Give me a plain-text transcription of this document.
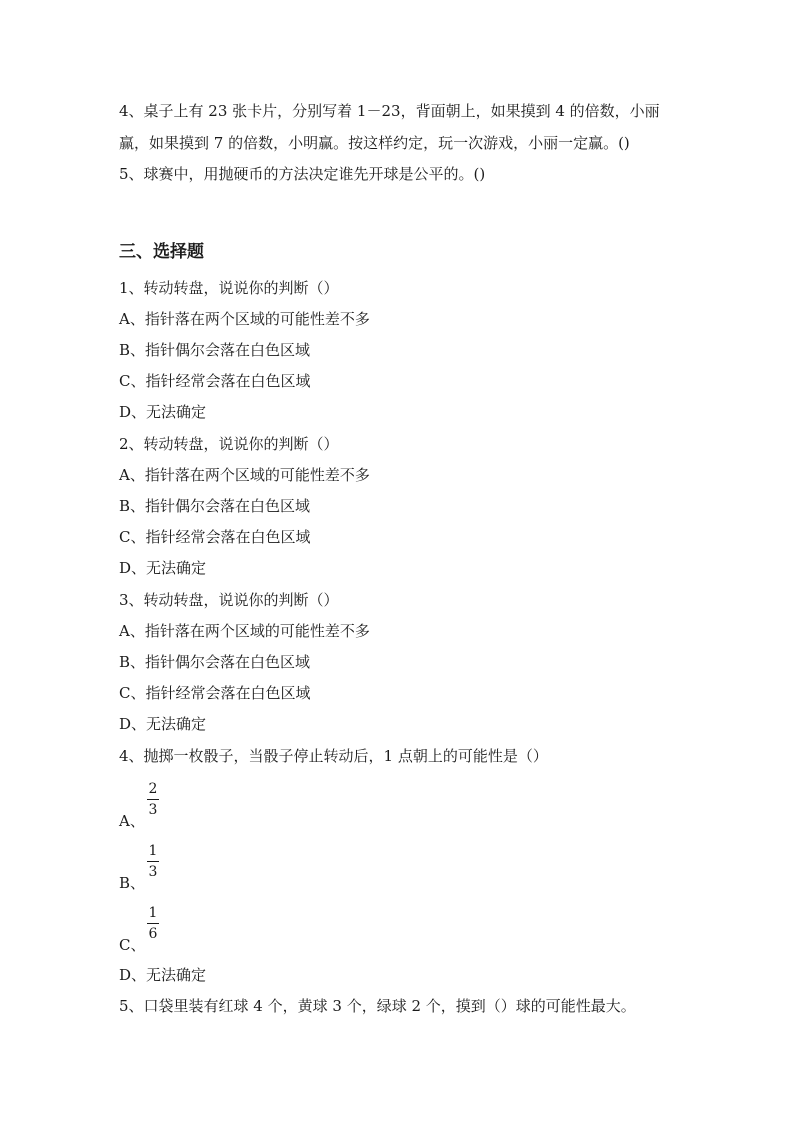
4、桌子上有 23 张卡片，分别写着 1－23，背面朝上，如果摸到 4 的倍数，小丽
赢，如果摸到 7 的倍数，小明赢。按这样约定，玩一次游戏，小丽一定赢。()
5、球赛中，用抛硬币的方法决定谁先开球是公平的。()
三、选择题
1、转动转盘，说说你的判断（）
A、指针落在两个区域的可能性差不多
B、指针偶尔会落在白色区域
C、指针经常会落在白色区域
D、无法确定
2、转动转盘，说说你的判断（）
A、指针落在两个区域的可能性差不多
B、指针偶尔会落在白色区域
C、指针经常会落在白色区域
D、无法确定
3、转动转盘，说说你的判断（）
A、指针落在两个区域的可能性差不多
B、指针偶尔会落在白色区域
C、指针经常会落在白色区域
D、无法确定
4、抛掷一枚骰子，当骰子停止转动后，1 点朝上的可能性是（）
A、
2
3
B、
1
3
C、
1
6
D、无法确定
5、口袋里装有红球 4 个，黄球 3 个，绿球 2 个，摸到（）球的可能性最大。
